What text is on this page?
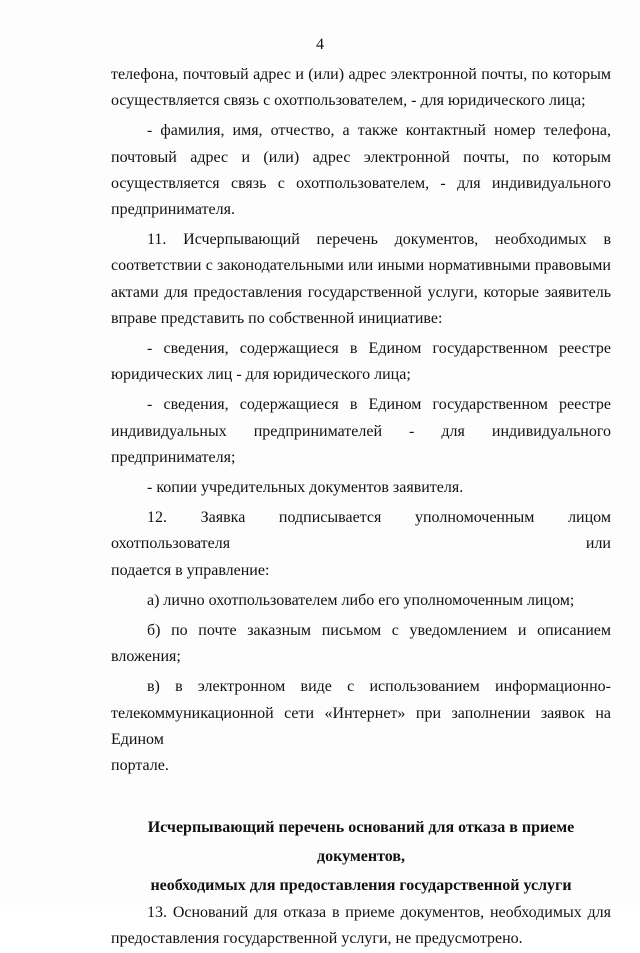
4
телефона, почтовый адрес и (или) адрес электронной почты, по которым
осуществляется связь с охотпользователем, - для юридического лица;
- фамилия, имя, отчество, а также контактный номер телефона,
почтовый адрес и (или) адрес электронной почты, по которым
осуществляется связь с охотпользователем, - для индивидуального
предпринимателя.
11. Исчерпывающий перечень документов, необходимых в
соответствии с законодательными или иными нормативными правовыми
актами для предоставления государственной услуги, которые заявитель
вправе представить по собственной инициативе:
- сведения, содержащиеся в Едином государственном реестре
юридических лиц - для юридического лица;
- сведения, содержащиеся в Едином государственном реестре
индивидуальных предпринимателей - для индивидуального
предпринимателя;
- копии учредительных документов заявителя.
12. Заявка подписывается уполномоченным лицом охотпользователя или
подается в управление:
а) лично охотпользователем либо его уполномоченным лицом;
б) по почте заказным письмом с уведомлением и описанием вложения;
в) в электронном виде с использованием информационно-
телекоммуникационной сети «Интернет» при заполнении заявок на Едином
портале.
Исчерпывающий перечень оснований для отказа в приеме документов,
необходимых для предоставления государственной услуги
13. Оснований для отказа в приеме документов, необходимых для
предоставления государственной услуги, не предусмотрено.
